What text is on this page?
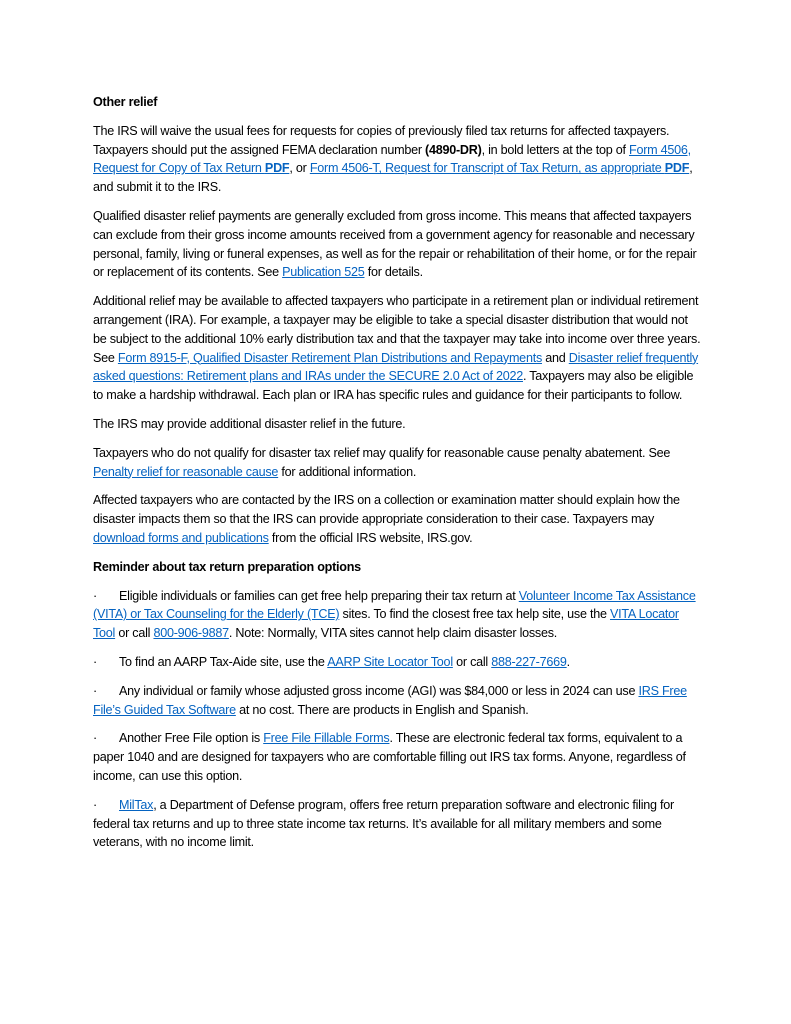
Other relief

The IRS will waive the usual fees for requests for copies of previously filed tax returns for affected taxpayers. Taxpayers should put the assigned FEMA declaration number (4890-DR), in bold letters at the top of Form 4506, Request for Copy of Tax Return PDF, or Form 4506-T, Request for Transcript of Tax Return, as appropriate PDF, and submit it to the IRS.

Qualified disaster relief payments are generally excluded from gross income. This means that affected taxpayers can exclude from their gross income amounts received from a government agency for reasonable and necessary personal, family, living or funeral expenses, as well as for the repair or rehabilitation of their home, or for the repair or replacement of its contents. See Publication 525 for details.

Additional relief may be available to affected taxpayers who participate in a retirement plan or individual retirement arrangement (IRA). For example, a taxpayer may be eligible to take a special disaster distribution that would not be subject to the additional 10% early distribution tax and that the taxpayer may take into income over three years. See Form 8915-F, Qualified Disaster Retirement Plan Distributions and Repayments and Disaster relief frequently asked questions: Retirement plans and IRAs under the SECURE 2.0 Act of 2022. Taxpayers may also be eligible to make a hardship withdrawal. Each plan or IRA has specific rules and guidance for their participants to follow.

The IRS may provide additional disaster relief in the future.

Taxpayers who do not qualify for disaster tax relief may qualify for reasonable cause penalty abatement. See Penalty relief for reasonable cause for additional information.

Affected taxpayers who are contacted by the IRS on a collection or examination matter should explain how the disaster impacts them so that the IRS can provide appropriate consideration to their case. Taxpayers may download forms and publications from the official IRS website, IRS.gov.

Reminder about tax return preparation options

· Eligible individuals or families can get free help preparing their tax return at Volunteer Income Tax Assistance (VITA) or Tax Counseling for the Elderly (TCE) sites. To find the closest free tax help site, use the VITA Locator Tool or call 800-906-9887. Note: Normally, VITA sites cannot help claim disaster losses.

· To find an AARP Tax-Aide site, use the AARP Site Locator Tool or call 888-227-7669.

· Any individual or family whose adjusted gross income (AGI) was $84,000 or less in 2024 can use IRS Free File’s Guided Tax Software at no cost. There are products in English and Spanish.

· Another Free File option is Free File Fillable Forms. These are electronic federal tax forms, equivalent to a paper 1040 and are designed for taxpayers who are comfortable filling out IRS tax forms. Anyone, regardless of income, can use this option.

· MilTax, a Department of Defense program, offers free return preparation software and electronic filing for federal tax returns and up to three state income tax returns. It’s available for all military members and some veterans, with no income limit.
